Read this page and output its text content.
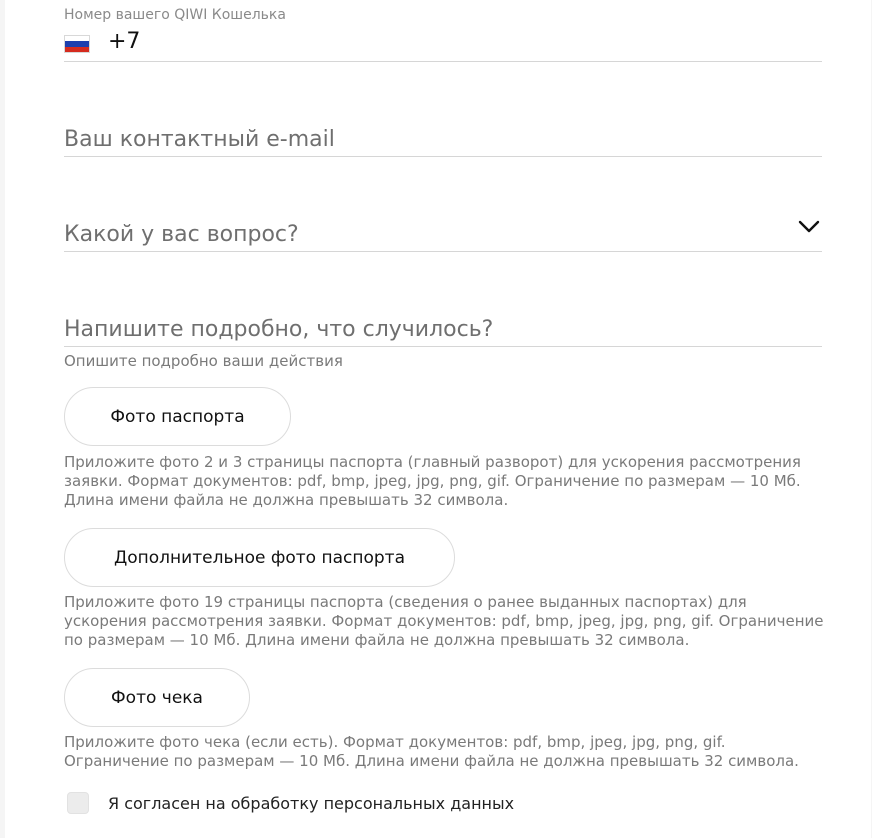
Номер вашего QIWI Кошелька
+7
Ваш контактный e-mail
Какой у вас вопрос?
Напишите подробно, что случилось?
Опишите подробно ваши действия
Фото паспорта
Приложите фото 2 и 3 страницы паспорта (главный разворот) для ускорения рассмотрения заявки. Формат документов: pdf, bmp, jpeg, jpg, png, gif. Ограничение по размерам — 10 Мб. Длина имени файла не должна превышать 32 символа.
Дополнительное фото паспорта
Приложите фото 19 страницы паспорта (сведения о ранее выданных паспортах) для ускорения рассмотрения заявки. Формат документов: pdf, bmp, jpeg, jpg, png, gif. Ограничение по размерам — 10 Мб. Длина имени файла не должна превышать 32 символа.
Фото чека
Приложите фото чека (если есть). Формат документов: pdf, bmp, jpeg, jpg, png, gif. Ограничение по размерам — 10 Мб. Длина имени файла не должна превышать 32 символа.
Я согласен на обработку персональных данных
